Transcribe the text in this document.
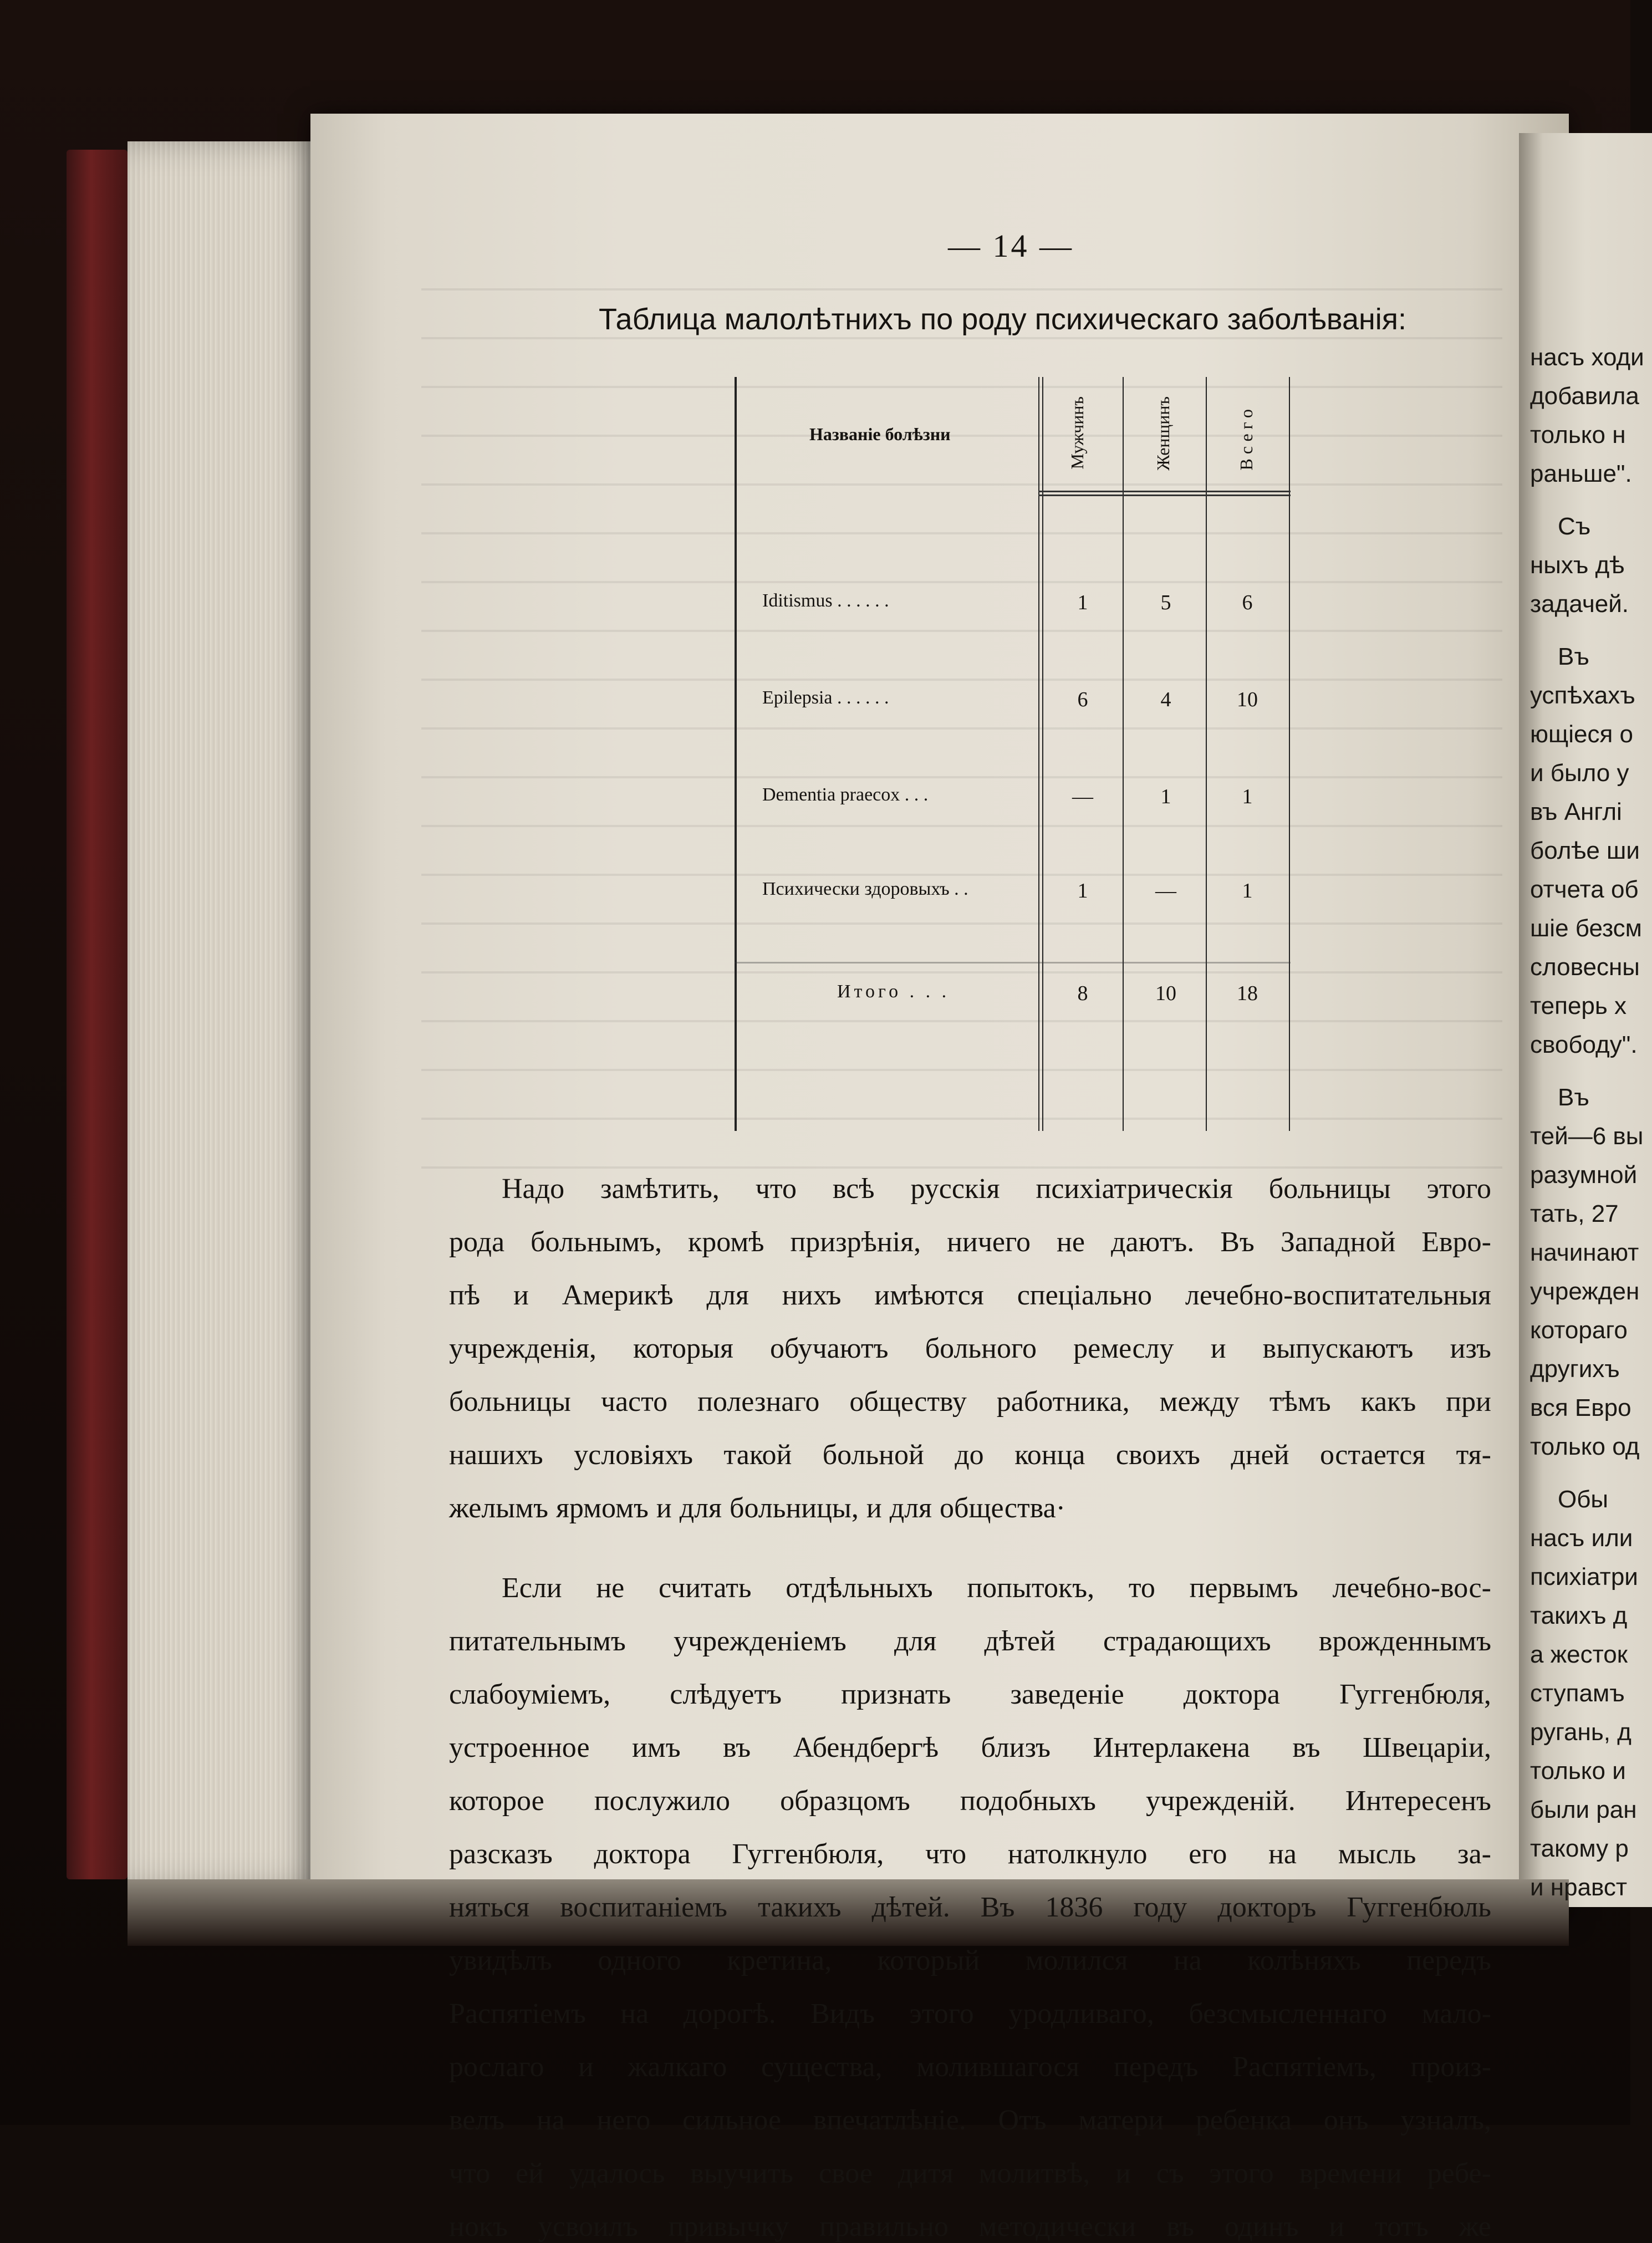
— 14 —
Таблица малолѣтнихъ по роду психическаго заболѣванія:
Названіе болѣзни	Мужчинъ	Женщинъ	Всего
Iditismus . . . . . .	1	5	6
Epilepsia . . . . . .	6	4	10
Dementia praecox . . .	—	1	1
Психически здоровыхъ . .	1	—	1
Итого . . .	8	10	18
Надо замѣтить, что всѣ русскія психіатрическія больницы этого
рода больнымъ, кромѣ призрѣнія, ничего не даютъ. Въ Западной Евро-
пѣ и Америкѣ для нихъ имѣются спеціально лечебно-воспитательныя
учрежденія, которыя обучаютъ больного ремеслу и выпускаютъ изъ
больницы часто полезнаго обществу работника, между тѣмъ какъ при
нашихъ условіяхъ такой больной до конца своихъ дней остается тя-
желымъ ярмомъ и для больницы, и для общества·
Если не считать отдѣльныхъ попытокъ, то первымъ лечебно-вос-
питательнымъ учрежденіемъ для дѣтей страдающихъ врожденнымъ
слабоуміемъ, слѣдуетъ признать заведеніе доктора Гуггенбюля,
устроенное имъ въ Абендбергѣ близъ Интерлакена въ Швецаріи,
которое послужило образцомъ подобныхъ учрежденій. Интересенъ
разсказъ доктора Гуггенбюля, что натолкнуло его на мысль за-
няться воспитаніемъ такихъ дѣтей. Въ 1836 году докторъ Гуггенбюль
увидѣлъ одного кретина, который молился на колѣняхъ передъ
Распятіемъ на дорогѣ. Видъ этого уродливаго, безсмысленнаго мало-
рослаго и жалкаго существа, молившагося передъ Распятіемъ, произ-
велъ на него сильное впечатлѣніе. Отъ матери ребенка онъ узналъ,
что ей удалось выучить свое дитя молитвѣ, и съ этого времени ребе-
нокъ усвоилъ привычку правильно методически въ одинъ и тотъ же
насъ ходи
добавила
только н
раньше".
Съ
ныхъ дѣ
задачей.
Въ
успѣхахъ
ющіеся о
и было у
въ Англі
болѣе ши
отчета об
шіе безсм
словесны
теперь х
свободу".
Въ
тей—6 вы
разумной
тать, 27
начинают
учрежден
котораго
другихъ
вся Евро
только од
Обы
насъ или
психіатри
такихъ д
а жесток
ступамъ
ругань, д
только и
были ран
такому р
и нравст
